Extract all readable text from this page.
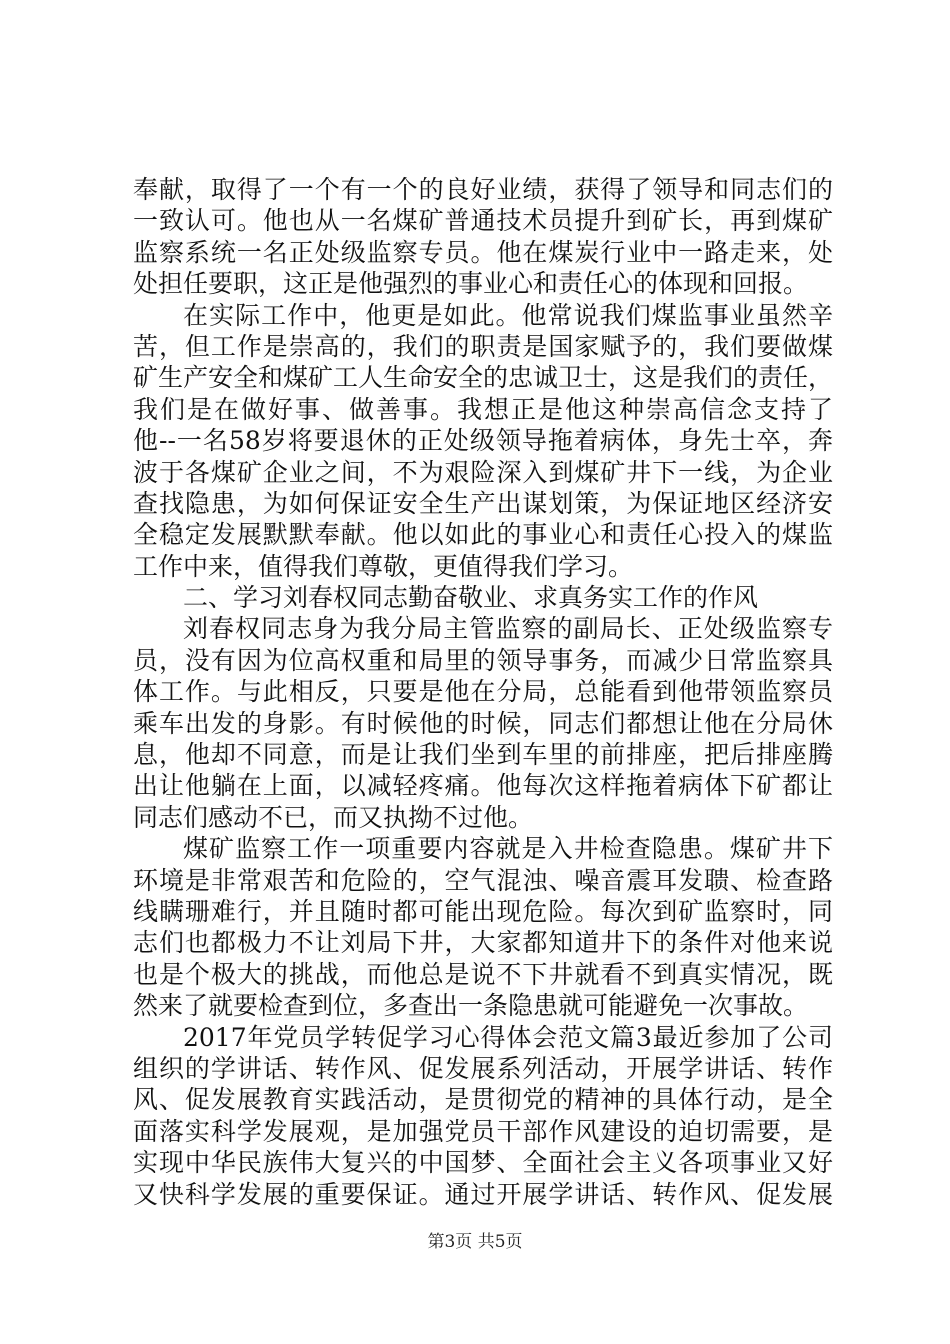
奉献，取得了一个有一个的良好业绩，获得了领导和同志们的
一致认可。他也从一名煤矿普通技术员提升到矿长，再到煤矿
监察系统一名正处级监察专员。他在煤炭行业中一路走来，处
处担任要职，这正是他强烈的事业心和责任心的体现和回报。
在实际工作中，他更是如此。他常说我们煤监事业虽然辛
苦，但工作是崇高的，我们的职责是国家赋予的，我们要做煤
矿生产安全和煤矿工人生命安全的忠诚卫士，这是我们的责任，
我们是在做好事、做善事。我想正是他这种崇高信念支持了
他--一名58岁将要退休的正处级领导拖着病体，身先士卒，奔
波于各煤矿企业之间，不为艰险深入到煤矿井下一线，为企业
查找隐患，为如何保证安全生产出谋划策，为保证地区经济安
全稳定发展默默奉献。他以如此的事业心和责任心投入的煤监
工作中来，值得我们尊敬，更值得我们学习。
二、学习刘春权同志勤奋敬业、求真务实工作的作风
刘春权同志身为我分局主管监察的副局长、正处级监察专
员，没有因为位高权重和局里的领导事务，而减少日常监察具
体工作。与此相反，只要是他在分局，总能看到他带领监察员
乘车出发的身影。有时候他的时候，同志们都想让他在分局休
息，他却不同意，而是让我们坐到车里的前排座，把后排座腾
出让他躺在上面，以减轻疼痛。他每次这样拖着病体下矿都让
同志们感动不已，而又执拗不过他。
煤矿监察工作一项重要内容就是入井检查隐患。煤矿井下
环境是非常艰苦和危险的，空气混浊、噪音震耳发聩、检查路
线瞒珊难行，并且随时都可能出现危险。每次到矿监察时，同
志们也都极力不让刘局下井，大家都知道井下的条件对他来说
也是个极大的挑战，而他总是说不下井就看不到真实情况，既
然来了就要检查到位，多查出一条隐患就可能避免一次事故。
2017年党员学转促学习心得体会范文篇3最近参加了公司
组织的学讲话、转作风、促发展系列活动，开展学讲话、转作
风、促发展教育实践活动，是贯彻党的精神的具体行动，是全
面落实科学发展观，是加强党员干部作风建设的迫切需要，是
实现中华民族伟大复兴的中国梦、全面社会主义各项事业又好
又快科学发展的重要保证。通过开展学讲话、转作风、促发展
第3页 共5页
